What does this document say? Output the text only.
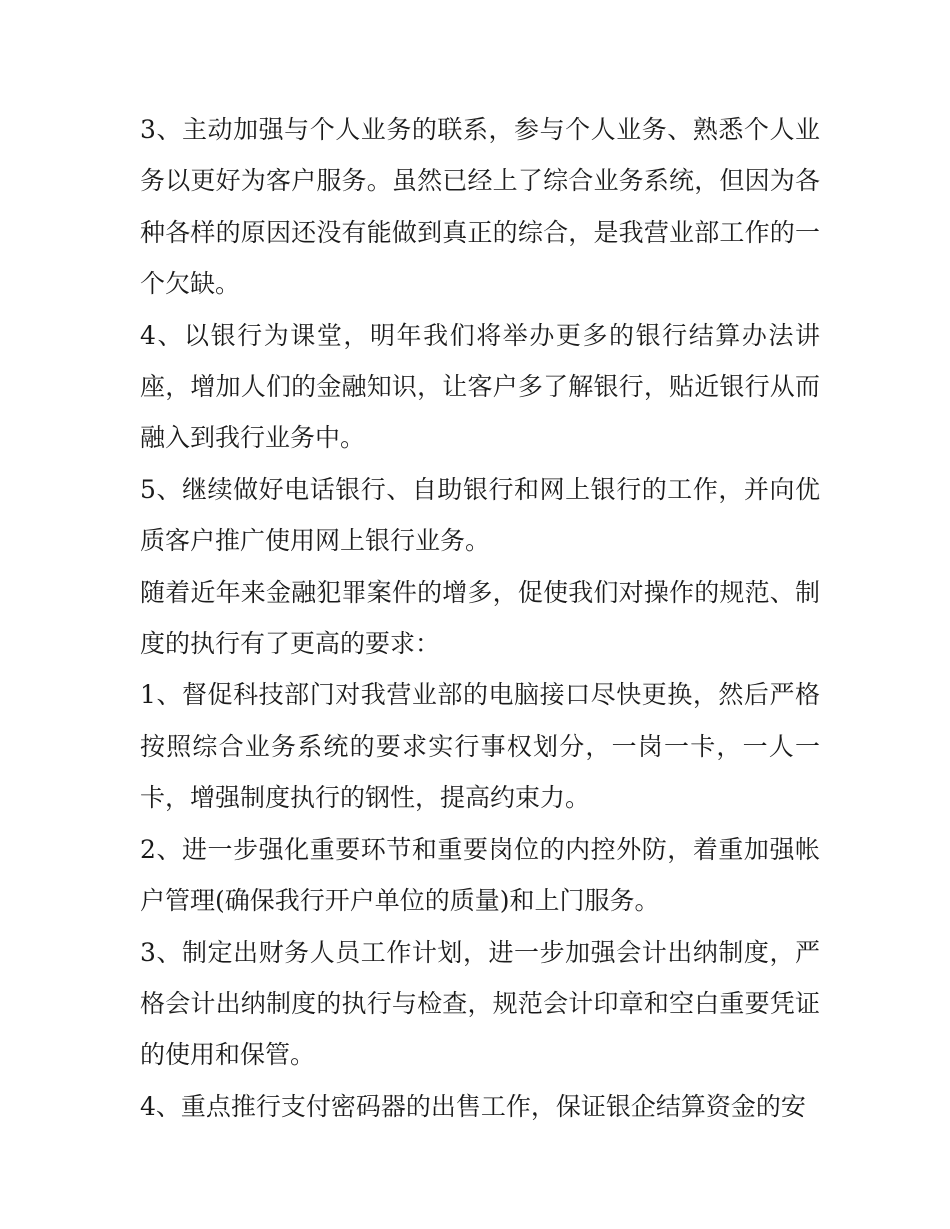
3、主动加强与个人业务的联系，参与个人业务、熟悉个人业务以更好为客户服务。虽然已经上了综合业务系统，但因为各种各样的原因还没有能做到真正的综合，是我营业部工作的一个欠缺。

4、以银行为课堂，明年我们将举办更多的银行结算办法讲座，增加人们的金融知识，让客户多了解银行，贴近银行从而融入到我行业务中。

5、继续做好电话银行、自助银行和网上银行的工作，并向优质客户推广使用网上银行业务。

随着近年来金融犯罪案件的增多，促使我们对操作的规范、制度的执行有了更高的要求：

1、督促科技部门对我营业部的电脑接口尽快更换，然后严格按照综合业务系统的要求实行事权划分，一岗一卡，一人一卡，增强制度执行的钢性，提高约束力。

2、进一步强化重要环节和重要岗位的内控外防，着重加强帐户管理(确保我行开户单位的质量)和上门服务。

3、制定出财务人员工作计划，进一步加强会计出纳制度，严格会计出纳制度的执行与检查，规范会计印章和空白重要凭证的使用和保管。

4、重点推行支付密码器的出售工作，保证银企结算资金的安
